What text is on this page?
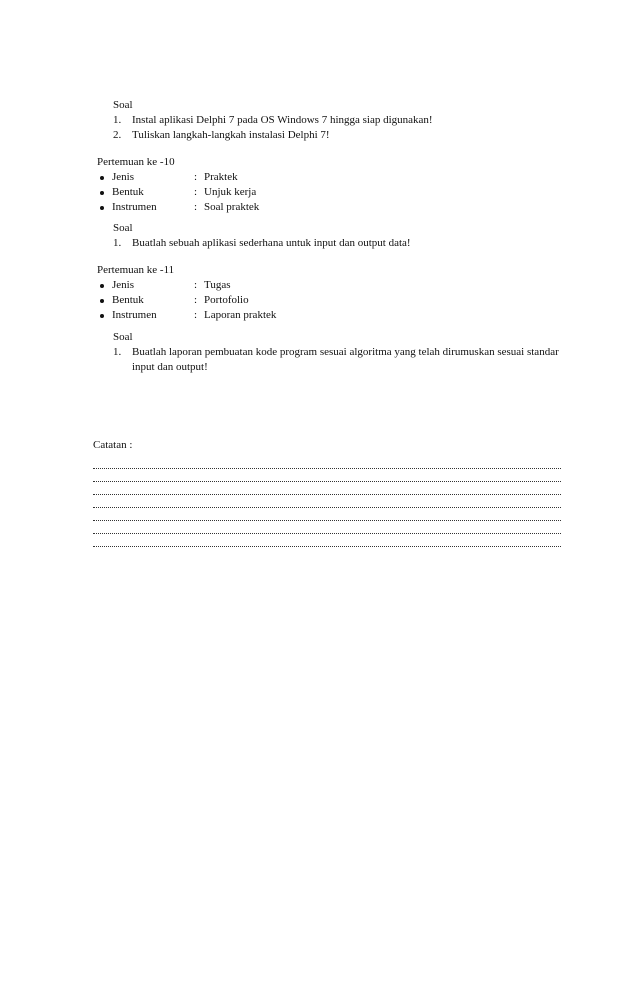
Soal
1. Instal aplikasi Delphi 7 pada OS Windows 7 hingga siap digunakan!
2. Tuliskan langkah-langkah instalasi Delphi 7!
Pertemuan ke -10
Jenis	: Praktek
Bentuk	: Unjuk kerja
Instrumen	: Soal praktek
Soal
1. Buatlah sebuah aplikasi sederhana untuk input dan output data!
Pertemuan ke -11
Jenis	: Tugas
Bentuk	: Portofolio
Instrumen	: Laporan praktek
Soal
1. Buatlah laporan pembuatan kode program sesuai algoritma yang telah dirumuskan sesuai standar input dan output!
Catatan :
